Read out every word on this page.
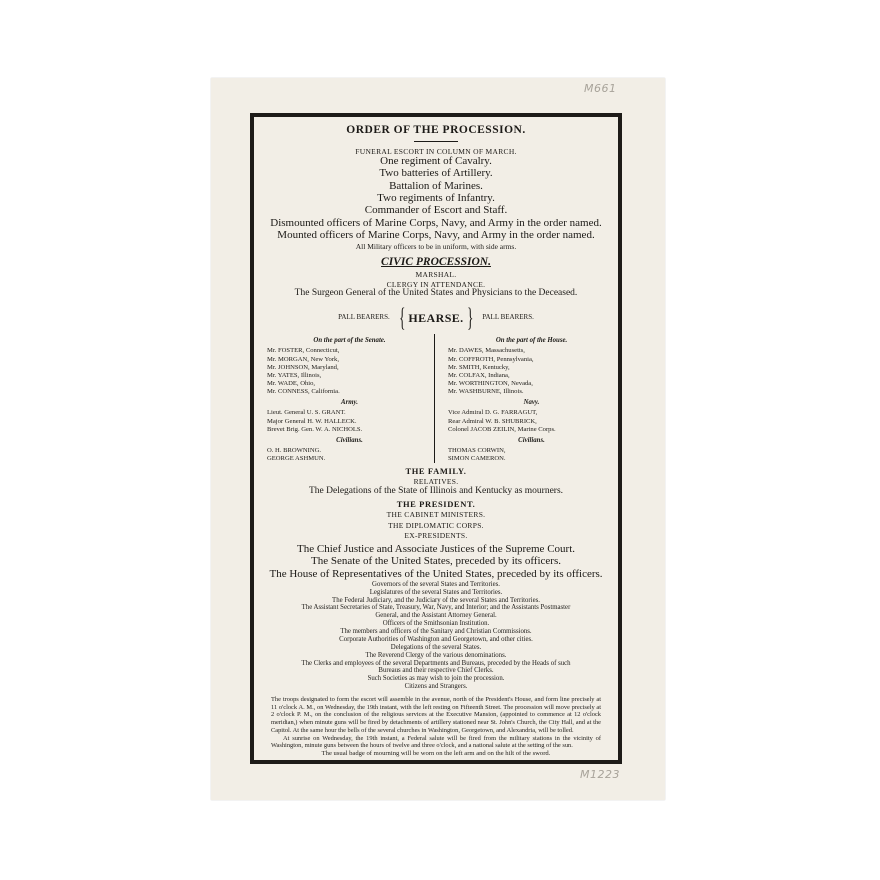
M661
M1223
ORDER OF THE PROCESSION.
FUNERAL ESCORT IN COLUMN OF MARCH.
One regiment of Cavalry.
Two batteries of Artillery.
Battalion of Marines.
Two regiments of Infantry.
Commander of Escort and Staff.
Dismounted officers of Marine Corps, Navy, and Army in the order named.
Mounted officers of Marine Corps, Navy, and Army in the order named.
All Military officers to be in uniform, with side arms.
CIVIC PROCESSION.
MARSHAL.
CLERGY IN ATTENDANCE.
The Surgeon General of the United States and Physicians to the Deceased.
PALL BEARERS. { HEARSE. }	PALL BEARERS.
On the part of the Senate.
Mr. FOSTER, Connecticut,
Mr. MORGAN, New York,
Mr. JOHNSON, Maryland,
Mr. YATES, Illinois,
Mr. WADE, Ohio,
Mr. CONNESS, California.
Army.
Lieut. General U. S. GRANT.
Major General H. W. HALLECK.
Brevet Brig. Gen. W. A. NICHOLS.
Civilians.
O. H. BROWNING.
GEORGE ASHMUN.
On the part of the House.
Mr. DAWES, Massachusetts,
Mr. COFFROTH, Pennsylvania,
Mr. SMITH, Kentucky,
Mr. COLFAX, Indiana,
Mr. WORTHINGTON, Nevada,
Mr. WASHBURNE, Illinois.
Navy.
Vice Admiral D. G. FARRAGUT,
Rear Admiral W. B. SHUBRICK,
Colonel JACOB ZEILIN, Marine Corps.
Civilians.
THOMAS CORWIN,
SIMON CAMERON.
THE FAMILY.
RELATIVES.
The Delegations of the State of Illinois and Kentucky as mourners.
THE PRESIDENT.
THE CABINET MINISTERS.
THE DIPLOMATIC CORPS.
EX-PRESIDENTS.
The Chief Justice and Associate Justices of the Supreme Court.
The Senate of the United States, preceded by its officers.
The House of Representatives of the United States, preceded by its officers.
Governors of the several States and Territories.
Legislatures of the several States and Territories.
The Federal Judiciary, and the Judiciary of the several States and Territories.
The Assistant Secretaries of State, Treasury, War, Navy, and Interior; and the Assistants Postmaster
General, and the Assistant Attorney General.
Officers of the Smithsonian Institution.
The members and officers of the Sanitary and Christian Commissions.
Corporate Authorities of Washington and Georgetown, and other cities.
Delegations of the several States.
The Reverend Clergy of the various denominations.
The Clerks and employees of the several Departments and Bureaus, preceded by the Heads of such
Bureaus and their respective Chief Clerks.
Such Societies as may wish to join the procession.
Citizens and Strangers.
The troops designated to form the escort will assemble in the avenue, north of the President's House, and form line precisely at 11 o'clock A. M., on Wednesday, the 19th instant, with the left resting on Fifteenth Street. The procession will move precisely at 2 o'clock P. M., on the conclusion of the religious services at the Executive Mansion, (appointed to commence at 12 o'clock meridian,) when minute guns will be fired by detachments of artillery stationed near St. John's Church, the City Hall, and at the Capitol. At the same hour the bells of the several churches in Washington, Georgetown, and Alexandria, will be tolled.
At sunrise on Wednesday, the 19th instant, a Federal salute will be fired from the military stations in the vicinity of Washington, minute guns between the hours of twelve and three o'clock, and a national salute at the setting of the sun.
The usual badge of mourning will be worn on the left arm and on the hilt of the sword.
